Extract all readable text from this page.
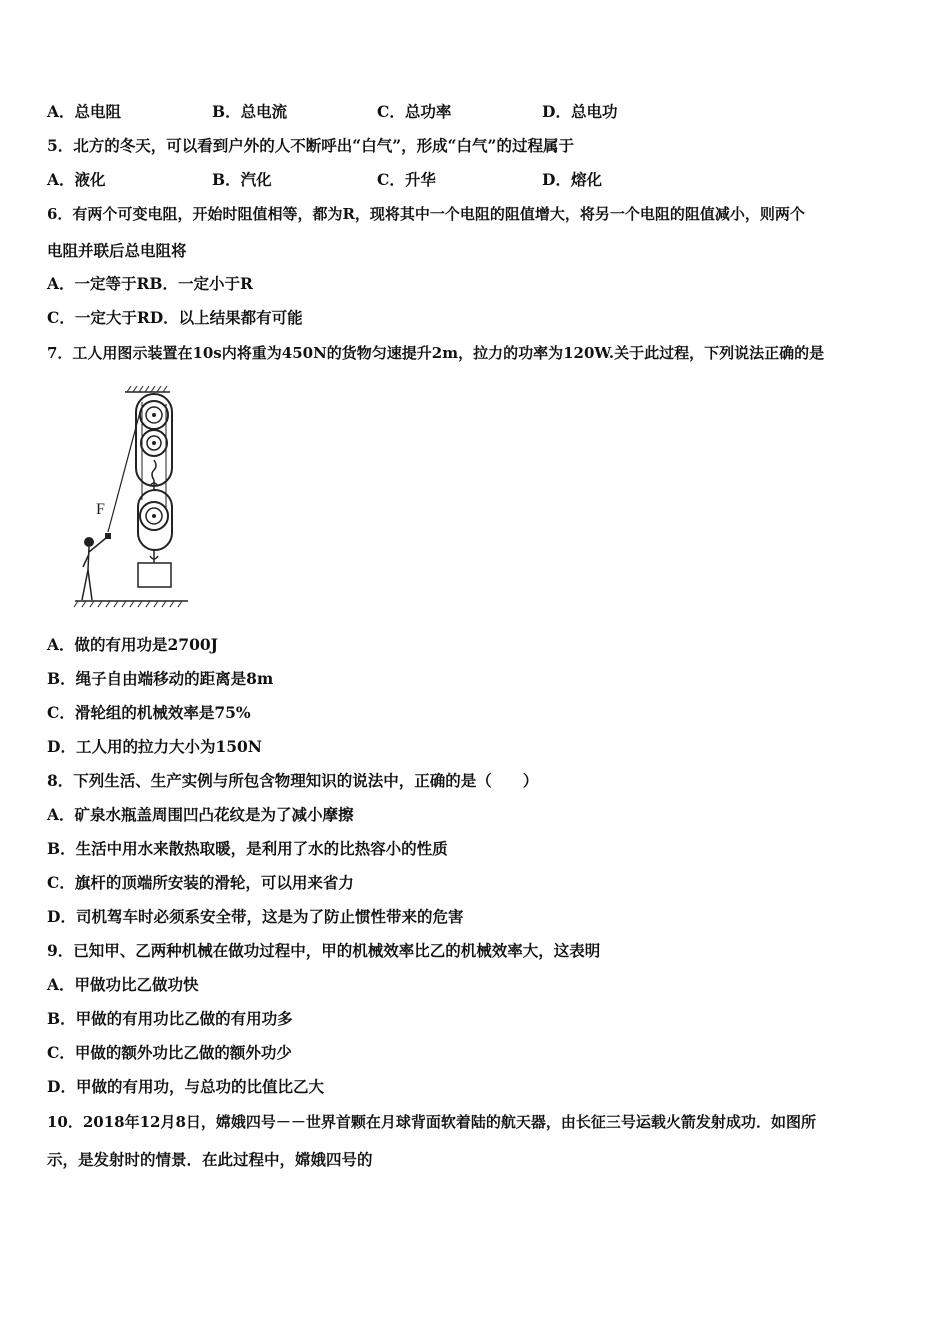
A．总电阻	B．总电流	C．总功率	D．总电功
5．北方的冬天，可以看到户外的人不断呼出“白气”，形成“白气”的过程属于
A．液化	B．汽化	C．升华	D．熔化
6．有两个可变电阻，开始时阻值相等，都为R，现将其中一个电阻的阻值增大，将另一个电阻的阻值减小，则两个
电阻并联后总电阻将
A．一定等于RB．一定小于R
C．一定大于RD．以上结果都有可能
7．工人用图示装置在10s内将重为450N的货物匀速提升2m，拉力的功率为120W.关于此过程，下列说法正确的是
F
A．做的有用功是2700J
B．绳子自由端移动的距离是8m
C．滑轮组的机械效率是75%
D．工人用的拉力大小为150N
8．下列生活、生产实例与所包含物理知识的说法中，正确的是（　　）
A．矿泉水瓶盖周围凹凸花纹是为了减小摩擦
B．生活中用水来散热取暖，是利用了水的比热容小的性质
C．旗杆的顶端所安装的滑轮，可以用来省力
D．司机驾车时必须系安全带，这是为了防止惯性带来的危害
9．已知甲、乙两种机械在做功过程中，甲的机械效率比乙的机械效率大，这表明
A．甲做功比乙做功快
B．甲做的有用功比乙做的有用功多
C．甲做的额外功比乙做的额外功少
D．甲做的有用功，与总功的比值比乙大
10．2018年12月8日，嫦娥四号－－世界首颗在月球背面软着陆的航天器，由长征三号运载火箭发射成功．如图所
示，是发射时的情景．在此过程中，嫦娥四号的
